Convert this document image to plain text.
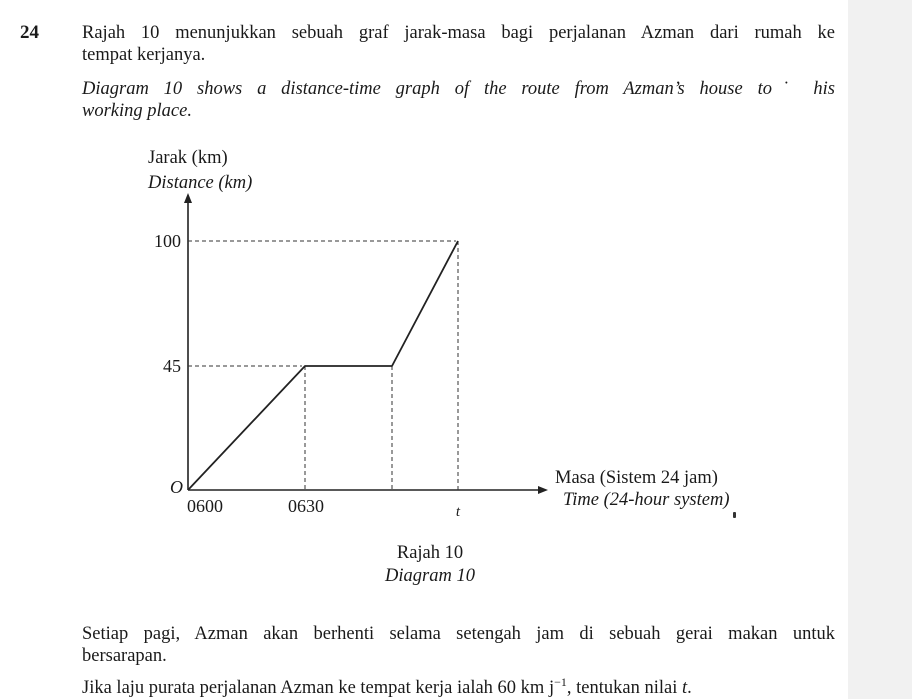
24 Rajah 10 menunjukkan sebuah graf jarak-masa bagi perjalanan Azman dari rumah ke
tempat kerjanya.
Diagram 10 shows a distance-time graph of the route from Azman’s house to˙ his
working place.
Jarak (km)
Distance (km)
100
45
O
0600	0630	t
Masa (Sistem 24 jam)
Time (24-hour system)
Rajah 10
Diagram 10
Setiap pagi, Azman akan berhenti selama setengah jam di sebuah gerai makan untuk
bersarapan.
Jika laju purata perjalanan Azman ke tempat kerja ialah 60 km $j^{-1}$, tentukan nilai t.
